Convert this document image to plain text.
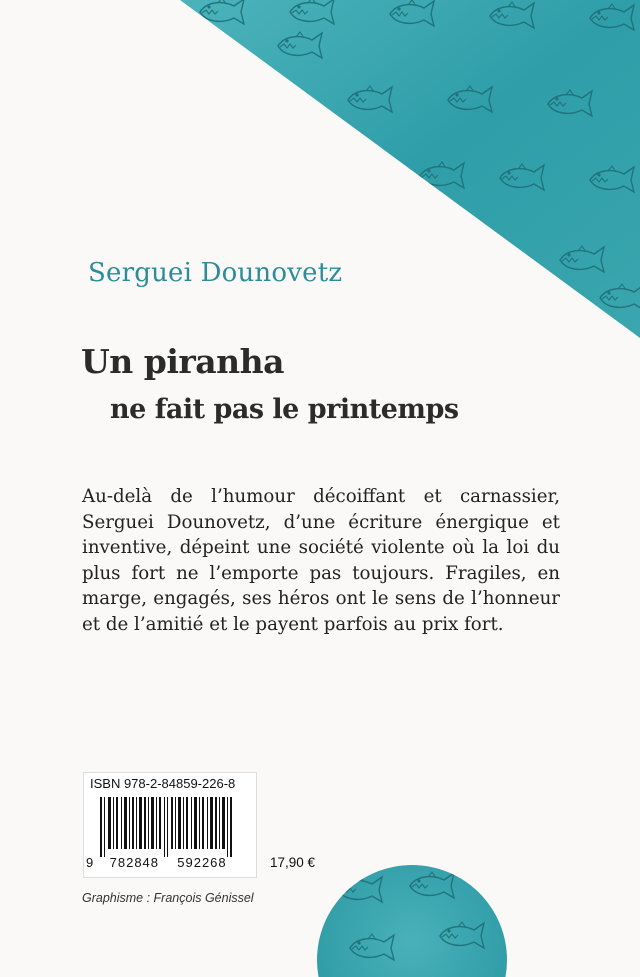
Serguei Dounovetz
Un piranha
ne fait pas le printemps
Au-delà de l’humour décoiffant et carnassier, Serguei Dounovetz, d’une écriture énergique et inventive, dépeint une société violente où la loi du plus fort ne l’emporte pas toujours. Fragiles, en marge, engagés, ses héros ont le sens de l’honneur et de l’amitié et le payent parfois au prix fort.
ISBN 978-2-84859-226-8
9 782848 592268	17,90 €
Graphisme : François Génissel
